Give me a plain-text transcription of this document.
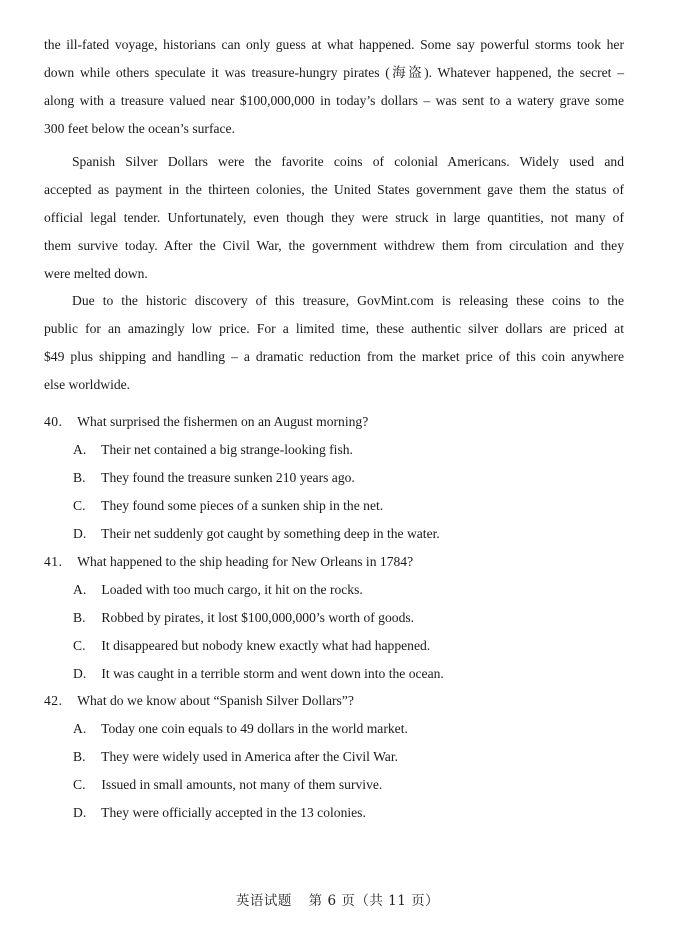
the ill-fated voyage, historians can only guess at what happened. Some say powerful storms took her
down while others speculate it was treasure-hungry pirates (海盗). Whatever happened, the secret –
along with a treasure valued near $100,000,000 in today’s dollars – was sent to a watery grave some
300 feet below the ocean’s surface.
Spanish Silver Dollars were the favorite coins of colonial Americans. Widely used and
accepted as payment in the thirteen colonies, the United States government gave them the status of
official legal tender. Unfortunately, even though they were struck in large quantities, not many of
them survive today. After the Civil War, the government withdrew them from circulation and they
were melted down.
Due to the historic discovery of this treasure, GovMint.com is releasing these coins to the
public for an amazingly low price. For a limited time, these authentic silver dollars are priced at
$49 plus shipping and handling – a dramatic reduction from the market price of this coin anywhere
else worldwide.
40. What surprised the fishermen on an August morning?
A. Their net contained a big strange-looking fish.
B. They found the treasure sunken 210 years ago.
C. They found some pieces of a sunken ship in the net.
D. Their net suddenly got caught by something deep in the water.
41. What happened to the ship heading for New Orleans in 1784?
A. Loaded with too much cargo, it hit on the rocks.
B. Robbed by pirates, it lost $100,000,000’s worth of goods.
C. It disappeared but nobody knew exactly what had happened.
D. It was caught in a terrible storm and went down into the ocean.
42. What do we know about “Spanish Silver Dollars”?
A. Today one coin equals to 49 dollars in the world market.
B. They were widely used in America after the Civil War.
C. Issued in small amounts, not many of them survive.
D. They were officially accepted in the 13 colonies.
英语试题 第 6 页（共 11 页）
